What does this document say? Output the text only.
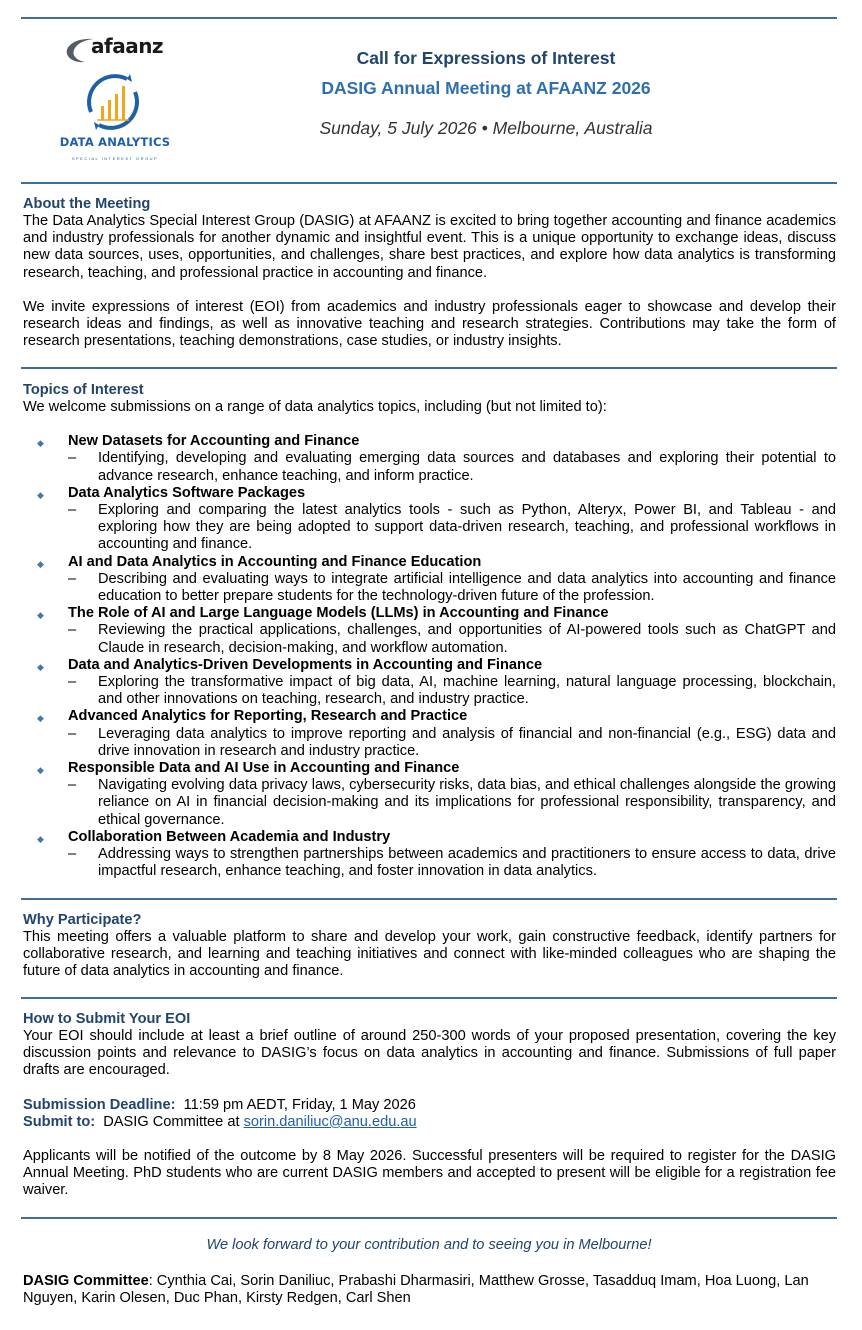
afaanz
DATA ANALYTICS
SPECIAL INTEREST GROUP
Call for Expressions of Interest
DASIG Annual Meeting at AFAANZ 2026
Sunday, 5 July 2026 • Melbourne, Australia
About the Meeting

The Data Analytics Special Interest Group (DASIG) at AFAANZ is excited to bring together accounting and finance academics and industry professionals for another dynamic and insightful event. This is a unique opportunity to exchange ideas, discuss new data sources, uses, opportunities, and challenges, share best practices, and explore how data analytics is transforming research, teaching, and professional practice in accounting and finance.

We invite expressions of interest (EOI) from academics and industry professionals eager to showcase and develop their research ideas and findings, as well as innovative teaching and research strategies. Contributions may take the form of research presentations, teaching demonstrations, case studies, or industry insights.

Topics of Interest

We welcome submissions on a range of data analytics topics, including (but not limited to):

◆ New Datasets for Accounting and Finance
– Identifying, developing and evaluating emerging data sources and databases and exploring their potential to advance research, enhance teaching, and inform practice.
◆ Data Analytics Software Packages
– Exploring and comparing the latest analytics tools - such as Python, Alteryx, Power BI, and Tableau - and exploring how they are being adopted to support data-driven research, teaching, and professional workflows in accounting and finance.
◆ AI and Data Analytics in Accounting and Finance Education
– Describing and evaluating ways to integrate artificial intelligence and data analytics into accounting and finance education to better prepare students for the technology-driven future of the profession.
◆ The Role of AI and Large Language Models (LLMs) in Accounting and Finance
– Reviewing the practical applications, challenges, and opportunities of AI-powered tools such as ChatGPT and Claude in research, decision-making, and workflow automation.
◆ Data and Analytics-Driven Developments in Accounting and Finance
– Exploring the transformative impact of big data, AI, machine learning, natural language processing, blockchain, and other innovations on teaching, research, and industry practice.
◆ Advanced Analytics for Reporting, Research and Practice
– Leveraging data analytics to improve reporting and analysis of financial and non-financial (e.g., ESG) data and drive innovation in research and industry practice.
◆ Responsible Data and AI Use in Accounting and Finance
– Navigating evolving data privacy laws, cybersecurity risks, data bias, and ethical challenges alongside the growing reliance on AI in financial decision-making and its implications for professional responsibility, transparency, and ethical governance.
◆ Collaboration Between Academia and Industry
– Addressing ways to strengthen partnerships between academics and practitioners to ensure access to data, drive impactful research, enhance teaching, and foster innovation in data analytics.
Why Participate?

This meeting offers a valuable platform to share and develop your work, gain constructive feedback, identify partners for collaborative research, and learning and teaching initiatives and connect with like-minded colleagues who are shaping the future of data analytics in accounting and finance.

How to Submit Your EOI

Your EOI should include at least a brief outline of around 250-300 words of your proposed presentation, covering the key discussion points and relevance to DASIG’s focus on data analytics in accounting and finance. Submissions of full paper drafts are encouraged.

Submission Deadline: 11:59 pm AEDT, Friday, 1 May 2026

Submit to: DASIG Committee at sorin.daniliuc@anu.edu.au

Applicants will be notified of the outcome by 8 May 2026. Successful presenters will be required to register for the DASIG Annual Meeting. PhD students who are current DASIG members and accepted to present will be eligible for a registration fee waiver.

We look forward to your contribution and to seeing you in Melbourne!

DASIG Committee: Cynthia Cai, Sorin Daniliuc, Prabashi Dharmasiri, Matthew Grosse, Tasadduq Imam, Hoa Luong, Lan Nguyen, Karin Olesen, Duc Phan, Kirsty Redgen, Carl Shen
